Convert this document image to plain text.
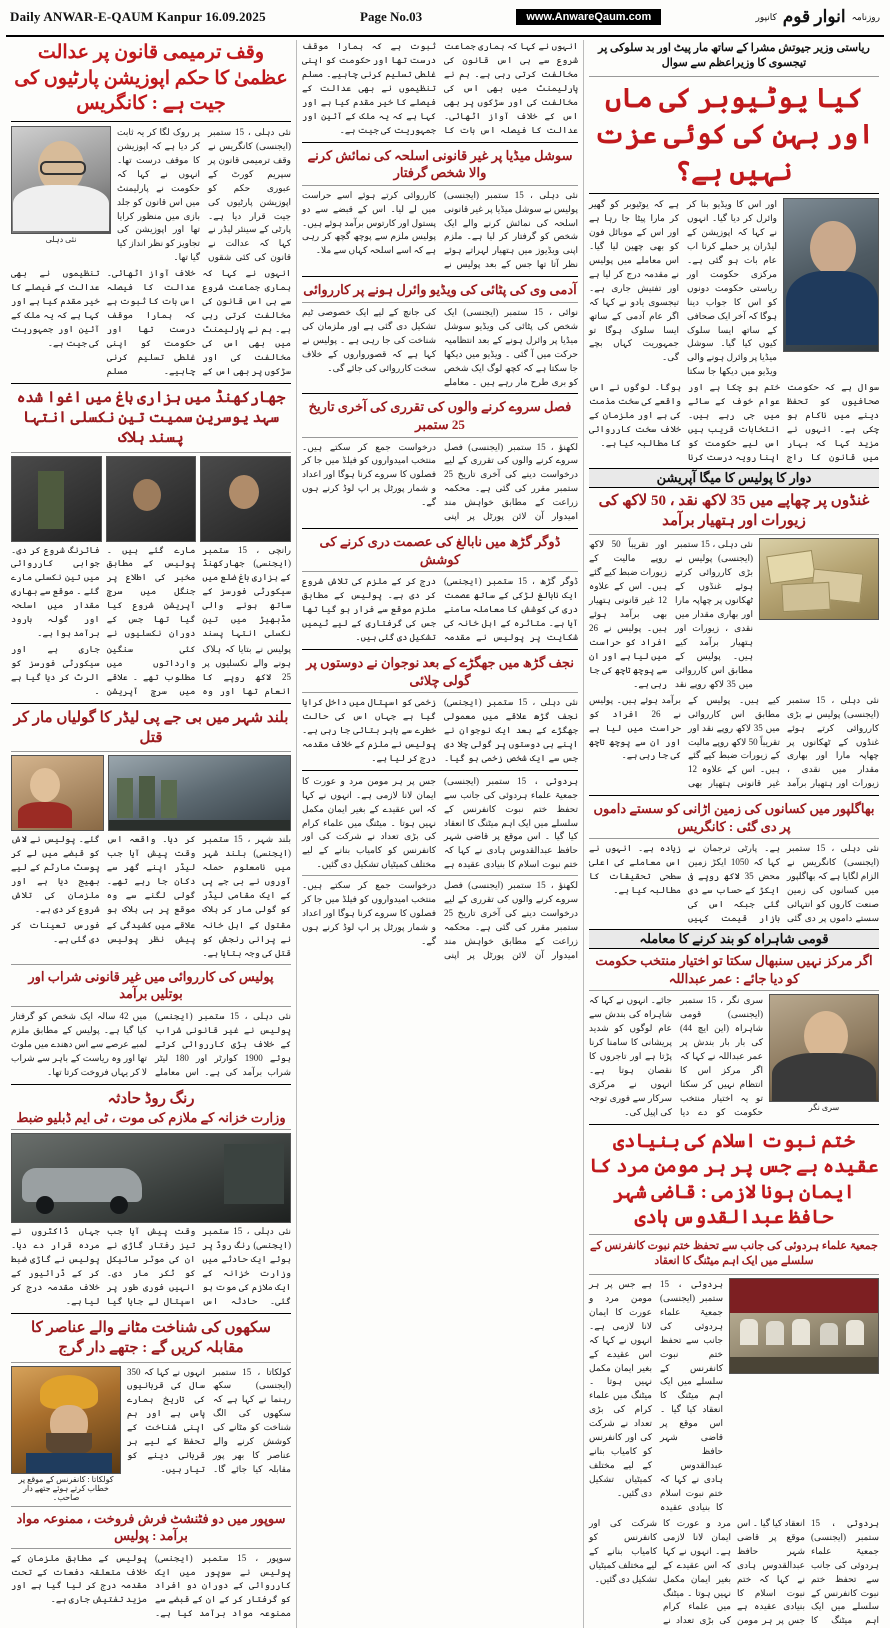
Daily ANWAR-E-QAUM Kanpur 16.09.2025	Page No.03	www.AnwareQaum.com	روزنامہ
انوار قوم
کانپور
ریاستی وزیر جیوتش مشرا کے ساتھ مار پیٹ اور بد سلوکی پر تیجسوی کا وزیراعظم سے سوال
کیا یوٹیوبر کی ماں اور بہن کی کوئی عزت نہیں ہے؟
اور اس کا ویڈیو بنا کر وائرل کر دیا گیا۔ انہوں نے کہا کہ اپوزیشن کے لیڈران پر حملے کرنا اب عام بات ہو گئی ہے۔ مرکزی حکومت اور ریاستی حکومت دونوں کو اس کا جواب دینا ہوگا کہ آخر ایک صحافی کے ساتھ ایسا سلوک کیوں کیا گیا۔ سوشل میڈیا پر وائرل ہونے والی ویڈیو میں دیکھا جا سکتا ہے کہ یوٹیوبر کو گھیر کر مارا پیٹا جا رہا ہے اور اس کے موبائل فون کو بھی چھین لیا گیا۔ اس معاملے میں پولیس نے مقدمہ درج کر لیا ہے اور تفتیش جاری ہے۔ تیجسوی یادو نے کہا کہ اگر عام آدمی کے ساتھ ایسا سلوک ہوگا تو جمہوریت کہاں بچے گی۔
سوال ہے کہ حکومت صحافیوں کو تحفظ دینے میں ناکام ہو چکی ہے۔ انہوں نے مزید کہا کہ بہار میں قانون کا راج ختم ہو چکا ہے اور عوام خوف کے سائے میں جی رہے ہیں۔ انتخابات قریب ہیں اس لیے حکومت کو اپنا رویہ درست کرنا ہوگا۔ لوگوں نے اس واقعے کی سخت مذمت کی ہے اور ملزمان کے خلاف سخت کارروائی کا مطالبہ کیا ہے۔
دوار کا پولیس کا میگا آپریشن
غنڈوں پر چھاپے میں 35 لاکھ نقد ، 50 لاکھ کی زیورات اور ہتھیار برآمد
نئی دہلی ، 15 ستمبر (ایجنسی) پولیس نے بڑی کارروائی کرتے ہوئے غنڈوں کے ٹھکانوں پر چھاپہ مارا اور بھاری مقدار میں نقدی ، زیورات اور ہتھیار برآمد کیے ہیں۔ پولیس کے مطابق اس کارروائی میں 35 لاکھ روپے نقد اور تقریباً 50 لاکھ روپے مالیت کے زیورات ضبط کیے گئے ہیں۔ اس کے علاوہ 12 غیر قانونی ہتھیار بھی برآمد ہوئے ہیں۔ پولیس نے 26 افراد کو حراست میں لیا ہے اور ان سے پوچھ تاچھ کی جا رہی ہے۔
نئی دہلی ، 15 ستمبر (ایجنسی) پولیس نے بڑی کارروائی کرتے ہوئے غنڈوں کے ٹھکانوں پر چھاپہ مارا اور بھاری مقدار میں نقدی ، زیورات اور ہتھیار برآمد کیے ہیں۔ پولیس کے مطابق اس کارروائی میں 35 لاکھ روپے نقد اور تقریباً 50 لاکھ روپے مالیت کے زیورات ضبط کیے گئے ہیں۔ اس کے علاوہ 12 غیر قانونی ہتھیار بھی برآمد ہوئے ہیں۔ پولیس نے 26 افراد کو حراست میں لیا ہے اور ان سے پوچھ تاچھ کی جا رہی ہے۔
بھاگلپور میں کسانوں کی زمین اڑانی کو سستے داموں پر دی گئی : کانگریس
نئی دہلی ، 15 ستمبر (ایجنسی) کانگریس نے الزام لگایا ہے کہ بھاگلپور میں کسانوں کی زمین صنعت کاروں کو انتہائی سستے داموں پر دی گئی ہے۔ پارٹی ترجمان نے کہا کہ 1050 ایکڑ زمین محض 35 لاکھ روپے فی ایکڑ کے حساب سے دی گئی جبکہ اس کی بازار قیمت کہیں زیادہ ہے۔ انہوں نے اس معاملے کی اعلیٰ سطحی تحقیقات کا مطالبہ کیا ہے۔
قومی شاہراہ کو بند کرنے کا معاملہ
اگر مرکز نہیں سنبھال سکتا تو اختیار منتخب حکومت کو دیا جائے : عمر عبداللہ
سری نگر
سری نگر ، 15 ستمبر (ایجنسی) قومی شاہراہ (این ایچ 44) کی بار بار بندش پر عمر عبداللہ نے کہا کہ اگر مرکز اس کا انتظام نہیں کر سکتا تو یہ اختیار منتخب حکومت کو دے دیا جائے۔ انہوں نے کہا کہ شاہراہ کی بندش سے عام لوگوں کو شدید پریشانی کا سامنا کرنا پڑتا ہے اور تاجروں کا نقصان ہوتا ہے۔ انہوں نے مرکزی سرکار سے فوری توجہ کی اپیل کی۔
ختم نبوت اسلام کی بنیادی عقیدہ ہے جس پر ہر مومن مرد کا ایمان ہونا لازمی : قاضی شہر حافظ عبدالقدوس ہادی
جمعیۃ علماء ہردوئی کی جانب سے تحفظ ختم نبوت کانفرنس کے سلسلے میں ایک اہم میٹنگ کا انعقاد
ہردوئی ، 15 ستمبر (ایجنسی) جمعیۃ علماء ہردوئی کی جانب سے تحفظ ختم نبوت کانفرنس کے سلسلے میں ایک اہم میٹنگ کا انعقاد کیا گیا ۔ اس موقع پر قاضی شہر حافظ عبدالقدوس ہادی نے کہا کہ ختم نبوت اسلام کا بنیادی عقیدہ ہے جس پر ہر مومن مرد و عورت کا ایمان لانا لازمی ہے۔ انہوں نے کہا کہ اس عقیدے کے بغیر ایمان مکمل نہیں ہوتا ۔ میٹنگ میں علماء کرام کی بڑی تعداد نے شرکت کی اور کانفرنس کو کامیاب بنانے کے لیے مختلف کمیٹیاں تشکیل دی گئیں۔
ہردوئی ، 15 ستمبر (ایجنسی) جمعیۃ علماء ہردوئی کی جانب سے تحفظ ختم نبوت کانفرنس کے سلسلے میں ایک اہم میٹنگ کا انعقاد کیا گیا ۔ اس موقع پر قاضی شہر حافظ عبدالقدوس ہادی نے کہا کہ ختم نبوت اسلام کا بنیادی عقیدہ ہے جس پر ہر مومن مرد و عورت کا ایمان لانا لازمی ہے۔ انہوں نے کہا کہ اس عقیدے کے بغیر ایمان مکمل نہیں ہوتا ۔ میٹنگ میں علماء کرام کی بڑی تعداد نے شرکت کی اور کانفرنس کو کامیاب بنانے کے لیے مختلف کمیٹیاں تشکیل دی گئیں۔
انہوں نے کہا کہ ہماری جماعت شروع سے ہی اس قانون کی مخالفت کرتی رہی ہے۔ ہم نے پارلیمنٹ میں بھی اس کی مخالفت کی اور سڑکوں پر بھی اس کے خلاف آواز اٹھائی۔ عدالت کا فیصلہ اس بات کا ثبوت ہے کہ ہمارا موقف درست تھا اور حکومت کو اپنی غلطی تسلیم کرنی چاہیے۔ مسلم تنظیموں نے بھی عدالت کے فیصلے کا خیر مقدم کیا ہے اور کہا ہے کہ یہ ملک کے آئین اور جمہوریت کی جیت ہے۔
سوشل میڈیا پر غیر قانونی اسلحہ کی نمائش کرنے والا شخص گرفتار
نئی دہلی ، 15 ستمبر (ایجنسی) پولیس نے سوشل میڈیا پر غیر قانونی اسلحہ کی نمائش کرنے والے ایک شخص کو گرفتار کر لیا ہے۔ ملزم اپنی ویڈیوز میں ہتھیار لہراتے ہوئے نظر آتا تھا جس کے بعد پولیس نے کارروائی کرتے ہوئے اسے حراست میں لے لیا۔ اس کے قبضے سے دو پستول اور کارتوس برآمد ہوئے ہیں۔ پولیس ملزم سے پوچھ گچھ کر رہی ہے کہ اسے اسلحہ کہاں سے ملا۔
آدمی وی کی پٹائی کی ویڈیو وائرل ہونے پر کارروائی
نوائی ، 15 ستمبر (ایجنسی) ایک شخص کی پٹائی کی ویڈیو سوشل میڈیا پر وائرل ہونے کے بعد انتظامیہ حرکت میں آ گئی ۔ ویڈیو میں دیکھا جا سکتا ہے کہ کچھ لوگ ایک شخص کو بری طرح مار رہے ہیں ۔ معاملے کی جانچ کے لیے ایک خصوصی ٹیم تشکیل دی گئی ہے اور ملزمان کی شناخت کی جا رہی ہے ۔ پولیس نے کہا ہے کہ قصورواروں کے خلاف سخت کارروائی کی جائے گی۔
فصل سروے کرنے والوں کی تقرری کی آخری تاریخ 25 ستمبر
لکھنؤ ، 15 ستمبر (ایجنسی) فصل سروے کرنے والوں کی تقرری کے لیے درخواست دینے کی آخری تاریخ 25 ستمبر مقرر کی گئی ہے۔ محکمہ زراعت کے مطابق خواہش مند امیدوار آن لائن پورٹل پر اپنی درخواست جمع کر سکتے ہیں۔ منتخب امیدواروں کو فیلڈ میں جا کر فصلوں کا سروے کرنا ہوگا اور اعداد و شمار پورٹل پر اپ لوڈ کرنے ہوں گے۔
ڈوگر گڑھ میں نابالغ کی عصمت دری کرنے کی کوشش
ڈوگر گڑھ ، 15 ستمبر (ایجنسی) ایک نابالغ لڑکی کے ساتھ عصمت دری کی کوشش کا معاملہ سامنے آیا ہے۔ متاثرہ کے اہل خانہ کی شکایت پر پولیس نے مقدمہ درج کر کے ملزم کی تلاش شروع کر دی ہے۔ پولیس کے مطابق ملزم موقع سے فرار ہو گیا تھا جس کی گرفتاری کے لیے ٹیمیں تشکیل دی گئی ہیں۔
نجف گڑھ میں جھگڑے کے بعد نوجوان نے دوستوں پر گولی چلائی
نئی دہلی ، 15 ستمبر (ایجنسی) نجف گڑھ علاقے میں معمولی جھگڑے کے بعد ایک نوجوان نے اپنے ہی دوستوں پر گولی چلا دی جس سے ایک شخص زخمی ہو گیا۔ زخمی کو اسپتال میں داخل کرایا گیا ہے جہاں اس کی حالت خطرے سے باہر بتائی جا رہی ہے۔ پولیس نے ملزم کے خلاف مقدمہ درج کر لیا ہے۔
ہردوئی ، 15 ستمبر (ایجنسی) جمعیۃ علماء ہردوئی کی جانب سے تحفظ ختم نبوت کانفرنس کے سلسلے میں ایک اہم میٹنگ کا انعقاد کیا گیا ۔ اس موقع پر قاضی شہر حافظ عبدالقدوس ہادی نے کہا کہ ختم نبوت اسلام کا بنیادی عقیدہ ہے جس پر ہر مومن مرد و عورت کا ایمان لانا لازمی ہے۔ انہوں نے کہا کہ اس عقیدے کے بغیر ایمان مکمل نہیں ہوتا ۔ میٹنگ میں علماء کرام کی بڑی تعداد نے شرکت کی اور کانفرنس کو کامیاب بنانے کے لیے مختلف کمیٹیاں تشکیل دی گئیں۔
لکھنؤ ، 15 ستمبر (ایجنسی) فصل سروے کرنے والوں کی تقرری کے لیے درخواست دینے کی آخری تاریخ 25 ستمبر مقرر کی گئی ہے۔ محکمہ زراعت کے مطابق خواہش مند امیدوار آن لائن پورٹل پر اپنی درخواست جمع کر سکتے ہیں۔ منتخب امیدواروں کو فیلڈ میں جا کر فصلوں کا سروے کرنا ہوگا اور اعداد و شمار پورٹل پر اپ لوڈ کرنے ہوں گے۔
وقف ترمیمی قانون پر عدالت عظمیٰ کا حکم اپوزیشن پارٹیوں کی جیت ہے : کانگریس
نئی دہلی ، 15 ستمبر (ایجنسی) کانگریس نے وقف ترمیمی قانون پر سپریم کورٹ کے عبوری حکم کو اپوزیشن پارٹیوں کی جیت قرار دیا ہے۔ پارٹی کے سینئر لیڈر نے کہا کہ عدالت نے قانون کی کئی شقوں پر روک لگا کر یہ ثابت کر دیا ہے کہ اپوزیشن کا موقف درست تھا۔ انہوں نے کہا کہ حکومت نے پارلیمنٹ میں اس قانون کو جلد بازی میں منظور کرایا تھا اور اپوزیشن کی تجاویز کو نظر انداز کیا گیا تھا۔
نئی دہلی
انہوں نے کہا کہ ہماری جماعت شروع سے ہی اس قانون کی مخالفت کرتی رہی ہے۔ ہم نے پارلیمنٹ میں بھی اس کی مخالفت کی اور سڑکوں پر بھی اس کے خلاف آواز اٹھائی۔ عدالت کا فیصلہ اس بات کا ثبوت ہے کہ ہمارا موقف درست تھا اور حکومت کو اپنی غلطی تسلیم کرنی چاہیے۔ مسلم تنظیموں نے بھی عدالت کے فیصلے کا خیر مقدم کیا ہے اور کہا ہے کہ یہ ملک کے آئین اور جمہوریت کی جیت ہے۔
جھارکھنڈ میں ہزاری باغ میں اغوا شدہ سہد یوسرین سمیت تین نکسلی انتہا پسند ہلاک
رانچی ، 15 ستمبر (ایجنسی) جھارکھنڈ کے ہزاری باغ ضلع میں سیکورٹی فورسز کے ساتھ ہونے والی مڈبھیڑ میں تین نکسلی انتہا پسند مارے گئے ہیں ۔ پولیس کے مطابق مخبر کی اطلاع پر جنگل میں سرچ آپریشن شروع کیا گیا تھا جس کے دوران نکسلیوں نے فائرنگ شروع کر دی۔ جوابی کارروائی میں تین نکسلی مارے گئے ۔ موقع سے بھاری مقدار میں اسلحہ اور گولہ بارود برآمد ہوا ہے۔
پولیس نے بتایا کہ ہلاک ہونے والے نکسلیوں پر 25 لاکھ روپے کا انعام تھا اور وہ کئی سنگین وارداتوں میں مطلوب تھے ۔ علاقے میں سرچ آپریشن جاری ہے اور سیکورٹی فورسز کو الرٹ کر دیا گیا ہے ۔
بلند شہر میں بی جے پی لیڈر کا گولیاں مار کر قتل
بلند شہر ، 15 ستمبر (ایجنسی) بلند شہر میں نامعلوم حملہ آوروں نے بی جے پی کے ایک مقامی لیڈر کو گولی مار کر ہلاک کر دیا۔ واقعہ اس وقت پیش آیا جب لیڈر اپنے گھر سے دکان جا رہے تھے۔ گولی لگنے سے وہ موقع پر ہی ہلاک ہو گئے۔ پولیس نے لاش کو قبضے میں لے کر پوسٹ مارٹم کے لیے بھیج دیا ہے اور ملزمان کی تلاش شروع کر دی ہے۔
مقتول کے اہل خانہ نے پرانی رنجش کو قتل کی وجہ بتایا ہے۔ علاقے میں کشیدگی کے پیش نظر پولیس فورس تعینات کر دی گئی ہے۔
پولیس کی کارروائی میں غیر قانونی شراب اور بوتلیں برآمد
نئی دہلی ، 15 ستمبر (ایجنسی) پولیس نے غیر قانونی شراب کے خلاف بڑی کارروائی کرتے ہوئے 1900 کوارٹر اور 180 لیٹر شراب برآمد کی ہے۔ اس معاملے میں 42 سالہ ایک شخص کو گرفتار کیا گیا ہے۔ پولیس کے مطابق ملزم لمبے عرصے سے اس دھندے میں ملوث تھا اور وہ ریاست کے باہر سے شراب لا کر یہاں فروخت کرتا تھا۔
رنگ روڈ حادثہ
وزارت خزانہ کے ملازم کی موت ، ٹی ایم ڈبلیو ضبط
نئی دہلی ، 15 ستمبر (ایجنسی) رنگ روڈ پر ہوئے ایک حادثے میں وزارت خزانہ کے ایک ملازم کی موت ہو گئی۔ حادثہ اس وقت پیش آیا جب تیز رفتار گاڑی نے ان کی موٹر سائیکل کو ٹکر مار دی۔ انہیں فوری طور پر اسپتال لے جایا گیا جہاں ڈاکٹروں نے مردہ قرار دے دیا۔ پولیس نے گاڑی ضبط کر کے ڈرائیور کے خلاف مقدمہ درج کر لیا ہے۔
سکھوں کی شناخت مٹانے والے عناصر کا مقابلہ کریں گے : جتھے دار گرج
کولکاتا ، 15 ستمبر (ایجنسی) سکھ رہنما نے کہا ہے کہ سکھوں کی الگ شناخت کو مٹانے کی کوشش کرنے والے عناصر کا بھر پور مقابلہ کیا جائے گا۔ انہوں نے کہا کہ 350 سال کی قربانیوں کی تاریخ ہمارے پاس ہے اور ہم اپنی شناخت کے تحفظ کے لیے ہر قربانی دینے کو تیار ہیں۔
کولکاتا : کانفرنس کے موقع پر خطاب کرتے ہوئے جتھے دار صاحب۔
سوپور میں دو فٹنشٹ فرش فروخت ، ممنوعہ مواد برآمد : پولیس
سوپور ، 15 ستمبر (ایجنسی) پولیس نے سوپور میں ایک کارروائی کے دوران دو افراد کو گرفتار کر کے ان کے قبضے سے ممنوعہ مواد برآمد کیا ہے۔ پولیس کے مطابق ملزمان کے خلاف متعلقہ دفعات کے تحت مقدمہ درج کر لیا گیا ہے اور مزید تفتیش جاری ہے۔
